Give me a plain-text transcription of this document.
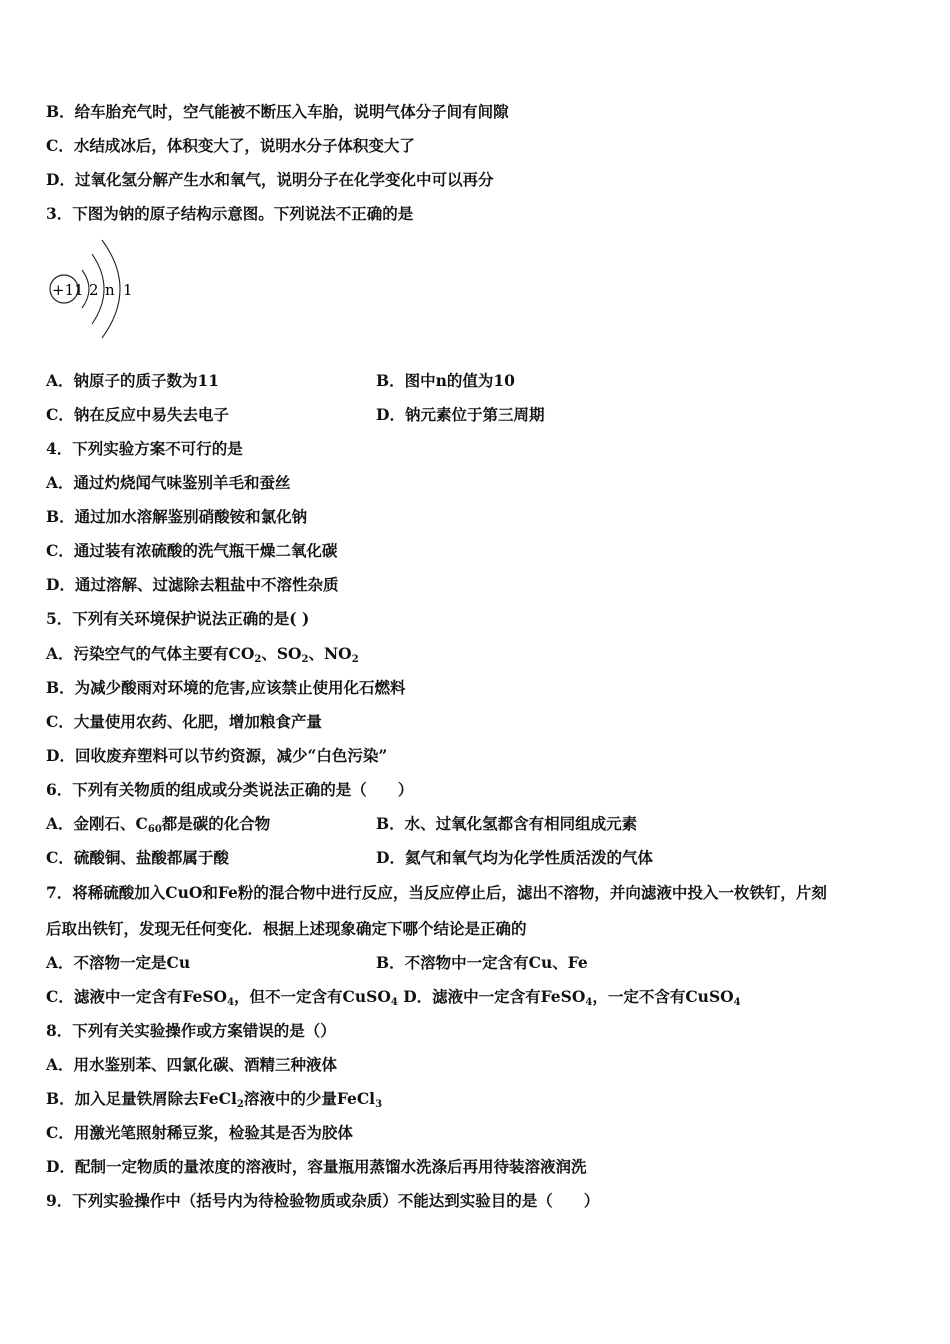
B．给车胎充气时，空气能被不断压入车胎，说明气体分子间有间隙
C．水结成冰后，体积变大了，说明水分子体积变大了
D．过氧化氢分解产生水和氧气，说明分子在化学变化中可以再分
3．下图为钠的原子结构示意图。下列说法不正确的是
+11 2 n 1
A．钠原子的质子数为11	B．图中n的值为10
C．钠在反应中易失去电子	D．钠元素位于第三周期
4．下列实验方案不可行的是
A．通过灼烧闻气味鉴别羊毛和蚕丝
B．通过加水溶解鉴别硝酸铵和氯化钠
C．通过装有浓硫酸的洗气瓶干燥二氧化碳
D．通过溶解、过滤除去粗盐中不溶性杂质
5．下列有关环境保护说法正确的是( )
A．污染空气的气体主要有$CO_2$、$SO_2$、$NO_2$
B．为减少酸雨对环境的危害,应该禁止使用化石燃料
C．大量使用农药、化肥，增加粮食产量
D．回收废弃塑料可以节约资源，减少“白色污染”
6．下列有关物质的组成或分类说法正确的是（　　）
A．金刚石、$C_{60}$都是碳的化合物	B．水、过氧化氢都含有相同组成元素
C．硫酸铜、盐酸都属于酸	D．氦气和氧气均为化学性质活泼的气体
7．将稀硫酸加入CuO和Fe粉的混合物中进行反应，当反应停止后，滤出不溶物，并向滤液中投入一枚铁钉，片刻
后取出铁钉，发现无任何变化．根据上述现象确定下哪个结论是正确的
A．不溶物一定是Cu	B．不溶物中一定含有Cu、Fe
C．滤液中一定含有FeSO$_4$，但不一定含有CuSO$_4$ D．滤液中一定含有FeSO$_4$，一定不含有CuSO$_4$
8．下列有关实验操作或方案错误的是（）
A．用水鉴别苯、四氯化碳、酒精三种液体
B．加入足量铁屑除去FeCl$_2$溶液中的少量FeCl$_3$
C．用激光笔照射稀豆浆，检验其是否为胶体
D．配制一定物质的量浓度的溶液时，容量瓶用蒸馏水洗涤后再用待装溶液润洗
9．下列实验操作中（括号内为待检验物质或杂质）不能达到实验目的是（　　）
